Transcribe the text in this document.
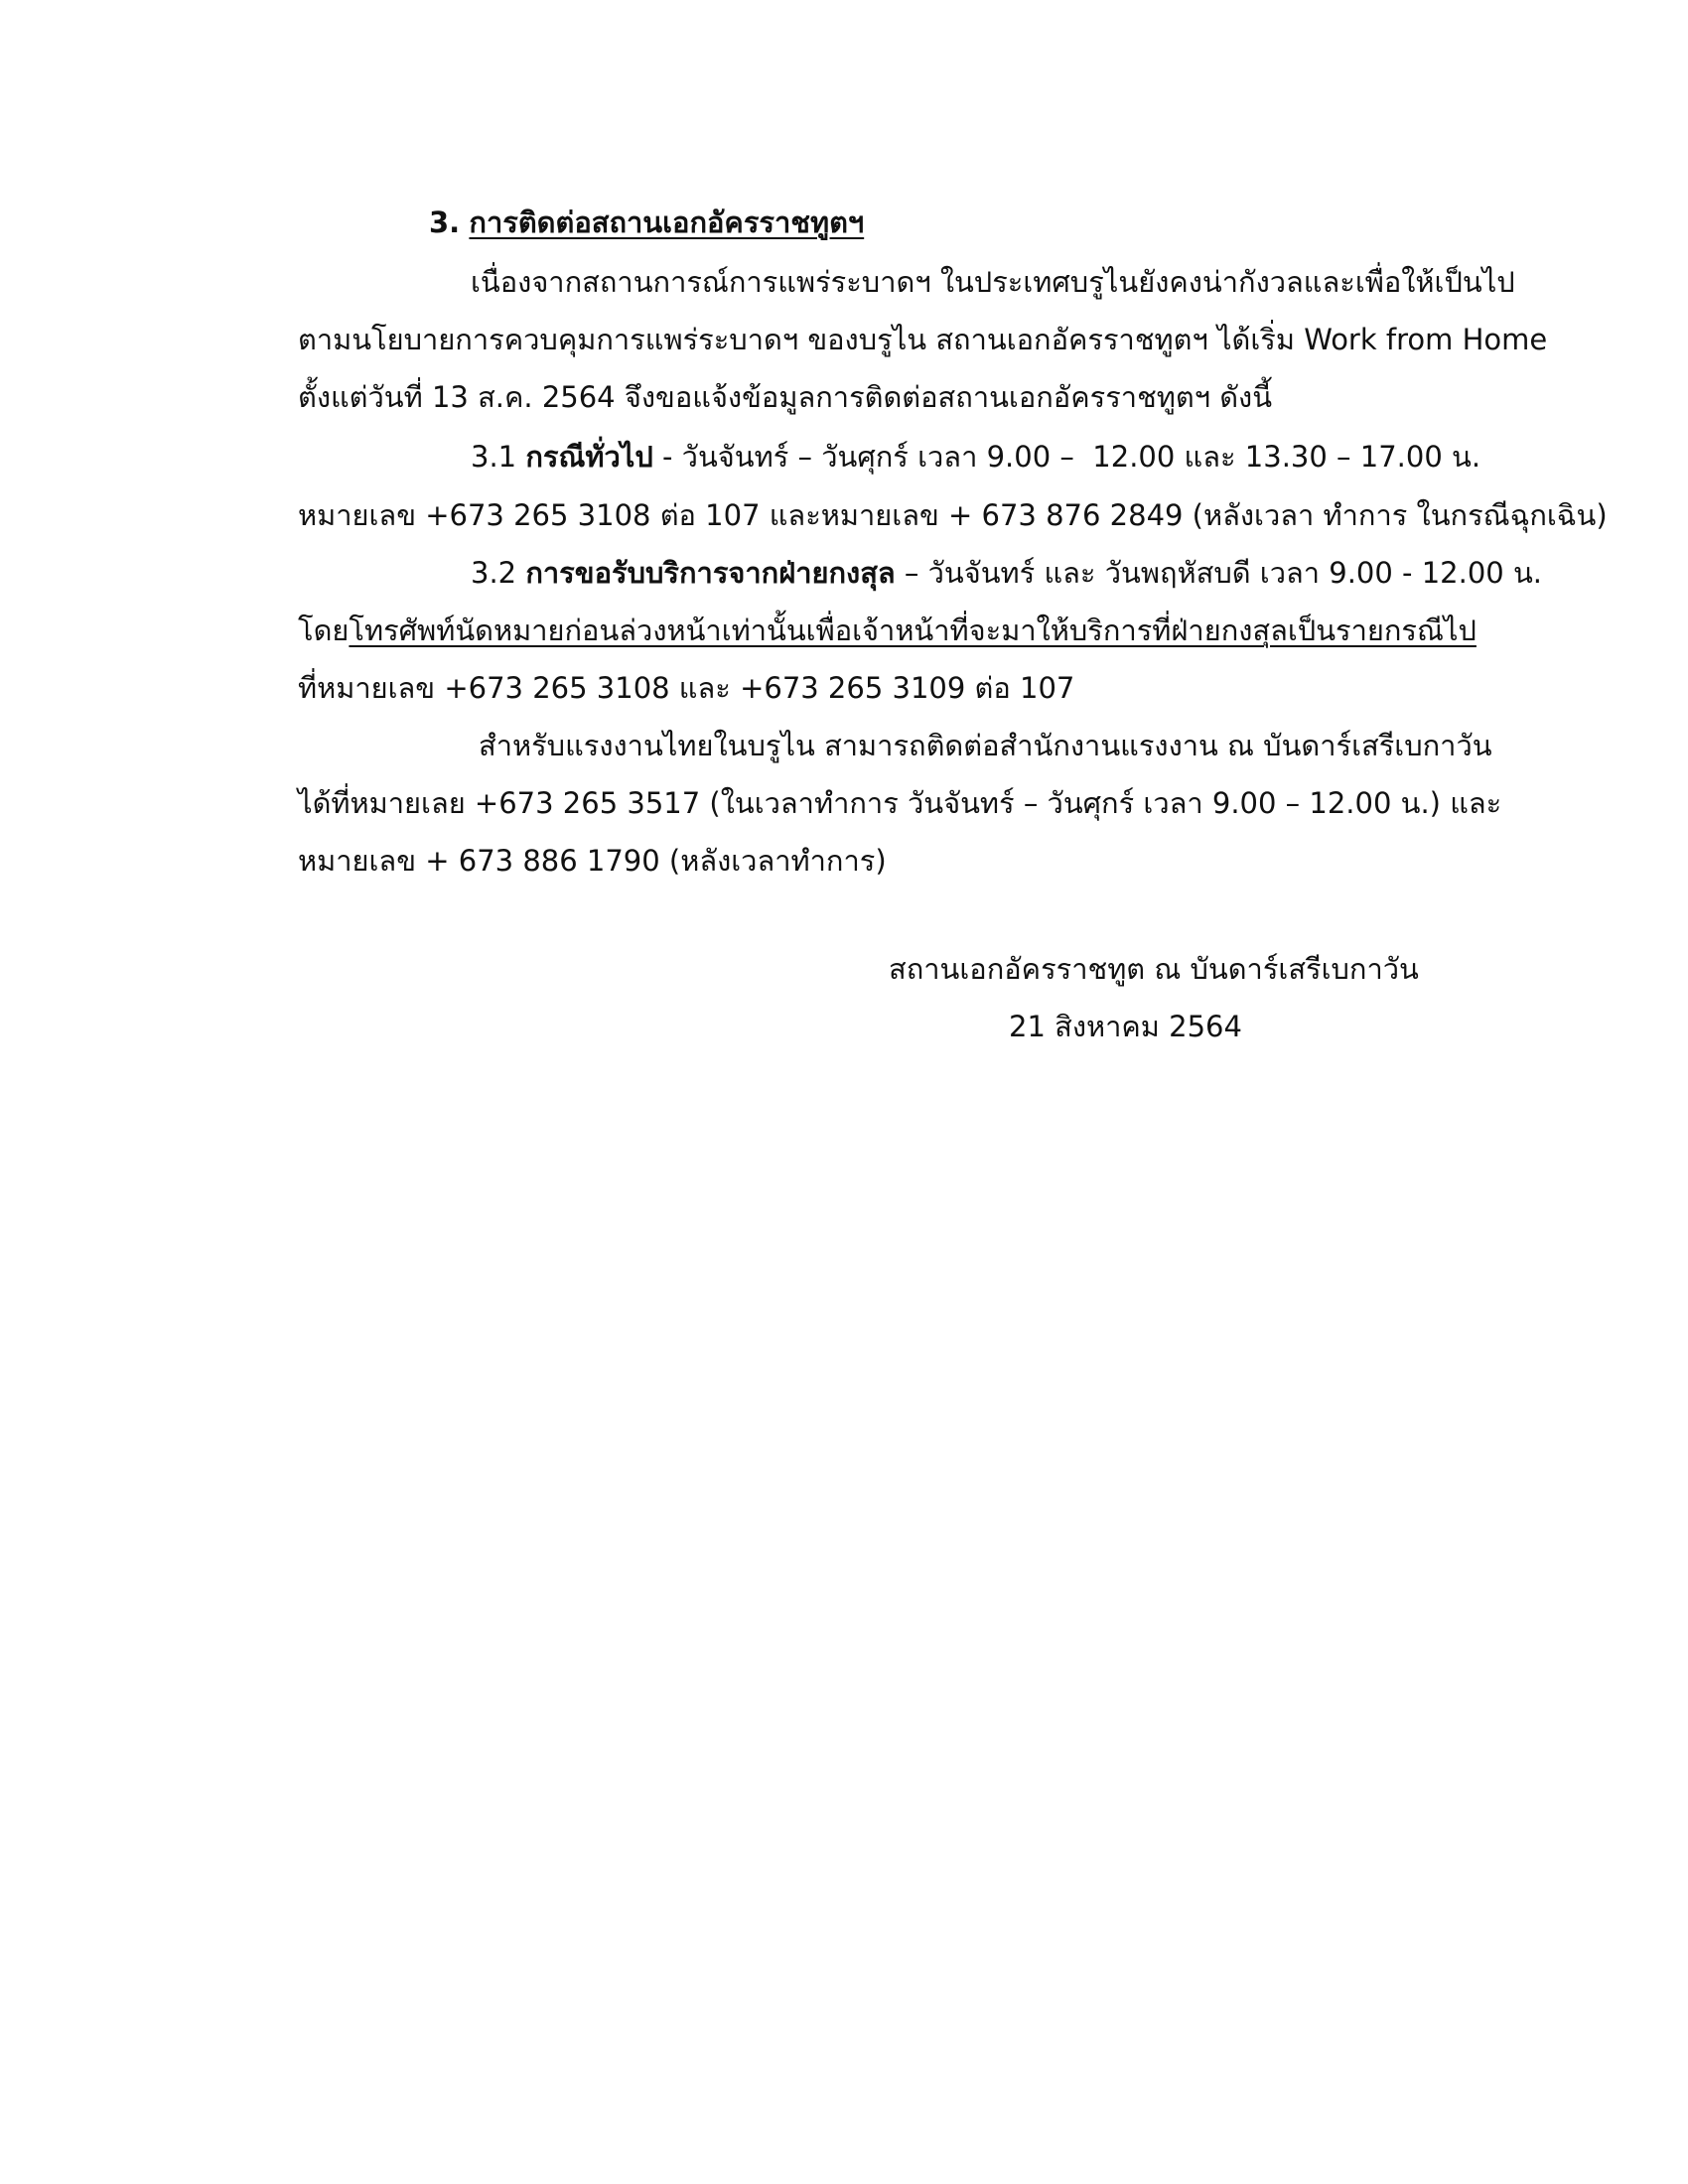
3. การติดต่อสถานเอกอัครราชทูตฯ
เนื่องจากสถานการณ์การแพร่ระบาดฯ ในประเทศบรูไนยังคงน่ากังวลและเพื่อให้เป็นไป
ตามนโยบายการควบคุมการแพร่ระบาดฯ ของบรูไน สถานเอกอัครราชทูตฯ ได้เริ่ม Work from Home
ตั้งแต่วันที่ 13 ส.ค. 2564 จึงขอแจ้งข้อมูลการติดต่อสถานเอกอัครราชทูตฯ ดังนี้
3.1 กรณีทั่วไป - วันจันทร์ – วันศุกร์ เวลา 9.00 –  12.00 และ 13.30 – 17.00 น.
หมายเลข +673 265 3108 ต่อ 107 และหมายเลข + 673 876 2849 (หลังเวลา ทำการ ในกรณีฉุกเฉิน)
3.2 การขอรับบริการจากฝ่ายกงสุล – วันจันทร์ และ วันพฤหัสบดี เวลา 9.00 - 12.00 น.
โดยโทรศัพท์นัดหมายก่อนล่วงหน้าเท่านั้นเพื่อเจ้าหน้าที่จะมาให้บริการที่ฝ่ายกงสุลเป็นรายกรณีไป
ที่หมายเลข +673 265 3108 และ +673 265 3109 ต่อ 107
สำหรับแรงงานไทยในบรูไน สามารถติดต่อสำนักงานแรงงาน ณ บันดาร์เสรีเบกาวัน
ได้ที่หมายเลย +673 265 3517 (ในเวลาทำการ วันจันทร์ – วันศุกร์ เวลา 9.00 – 12.00 น.) และ
หมายเลข + 673 886 1790 (หลังเวลาทำการ)
สถานเอกอัครราชทูต ณ บันดาร์เสรีเบกาวัน
21 สิงหาคม 2564
